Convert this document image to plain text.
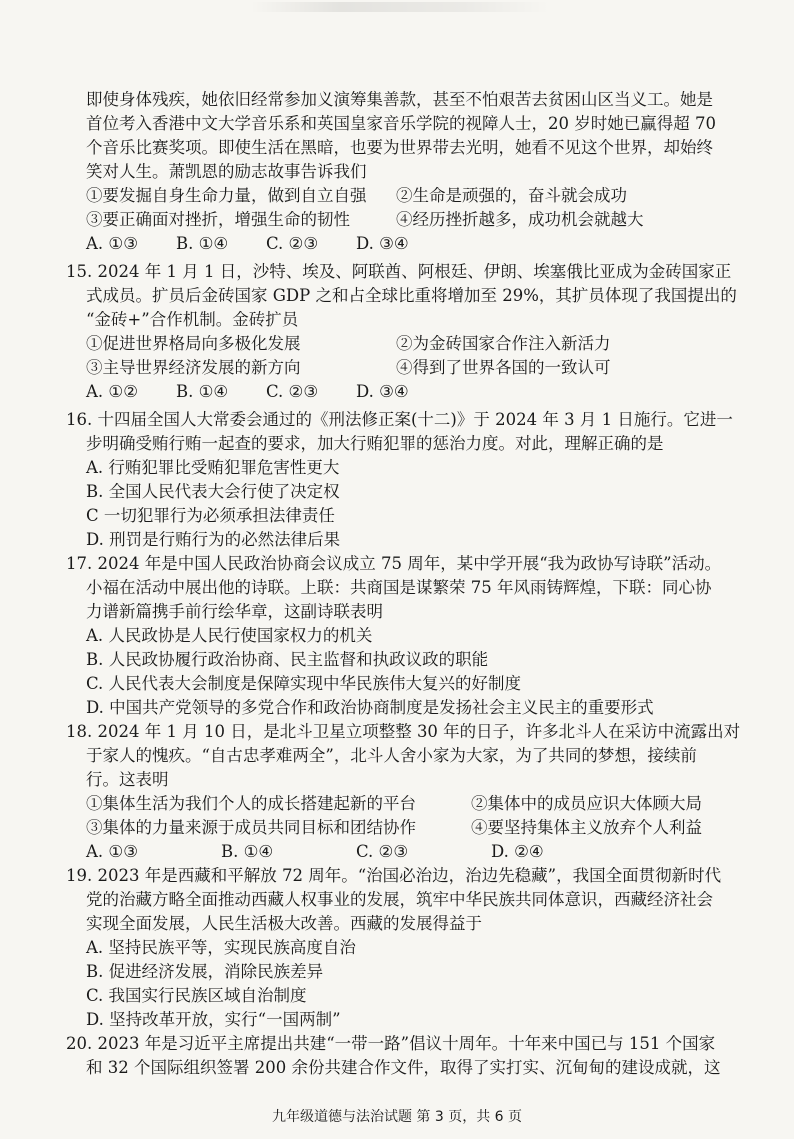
即使身体残疾，她依旧经常参加义演筹集善款，甚至不怕艰苦去贫困山区当义工。她是
首位考入香港中文大学音乐系和英国皇家音乐学院的视障人士，20 岁时她已赢得超 70
个音乐比赛奖项。即使生活在黑暗，也要为世界带去光明，她看不见这个世界，却始终
笑对人生。萧凯恩的励志故事告诉我们
①要发掘自身生命力量，做到自立自强	②生命是顽强的，奋斗就会成功
③要正确面对挫折，增强生命的韧性	④经历挫折越多，成功机会就越大
A. ①③	B. ①④	C. ②③	D. ③④
15. 2024 年 1 月 1 日，沙特、埃及、阿联酋、阿根廷、伊朗、埃塞俄比亚成为金砖国家正
式成员。扩员后金砖国家 GDP 之和占全球比重将增加至 29%，其扩员体现了我国提出的
“金砖+”合作机制。金砖扩员
①促进世界格局向多极化发展	②为金砖国家合作注入新活力
③主导世界经济发展的新方向	④得到了世界各国的一致认可
A. ①②	B. ①④	C. ②③	D. ③④
16. 十四届全国人大常委会通过的《刑法修正案(十二)》于 2024 年 3 月 1 日施行。它进一
步明确受贿行贿一起查的要求，加大行贿犯罪的惩治力度。对此，理解正确的是
A. 行贿犯罪比受贿犯罪危害性更大
B. 全国人民代表大会行使了决定权
C 一切犯罪行为必须承担法律责任
D. 刑罚是行贿行为的必然法律后果
17. 2024 年是中国人民政治协商会议成立 75 周年，某中学开展“我为政协写诗联”活动。
小福在活动中展出他的诗联。上联：共商国是谋繁荣 75 年风雨铸辉煌，下联：同心协
力谱新篇携手前行绘华章，这副诗联表明
A. 人民政协是人民行使国家权力的机关
B. 人民政协履行政治协商、民主监督和执政议政的职能
C. 人民代表大会制度是保障实现中华民族伟大复兴的好制度
D. 中国共产党领导的多党合作和政治协商制度是发扬社会主义民主的重要形式
18. 2024 年 1 月 10 日，是北斗卫星立项整整 30 年的日子，许多北斗人在采访中流露出对
于家人的愧疚。“自古忠孝难两全”，北斗人舍小家为大家，为了共同的梦想，接续前
行。这表明
①集体生活为我们个人的成长搭建起新的平台	②集体中的成员应识大体顾大局
③集体的力量来源于成员共同目标和团结协作	④要坚持集体主义放弃个人利益
A. ①③	B. ①④	C. ②③	D. ②④
19. 2023 年是西藏和平解放 72 周年。“治国必治边，治边先稳藏”，我国全面贯彻新时代
党的治藏方略全面推动西藏人权事业的发展，筑牢中华民族共同体意识，西藏经济社会
实现全面发展，人民生活极大改善。西藏的发展得益于
A. 坚持民族平等，实现民族高度自治
B. 促进经济发展，消除民族差异
C. 我国实行民族区域自治制度
D. 坚持改革开放，实行“一国两制”
20. 2023 年是习近平主席提出共建“一带一路”倡议十周年。十年来中国已与 151 个国家
和 32 个国际组织签署 200 余份共建合作文件，取得了实打实、沉甸甸的建设成就，这
九年级道德与法治试题 第 3 页，共 6 页
